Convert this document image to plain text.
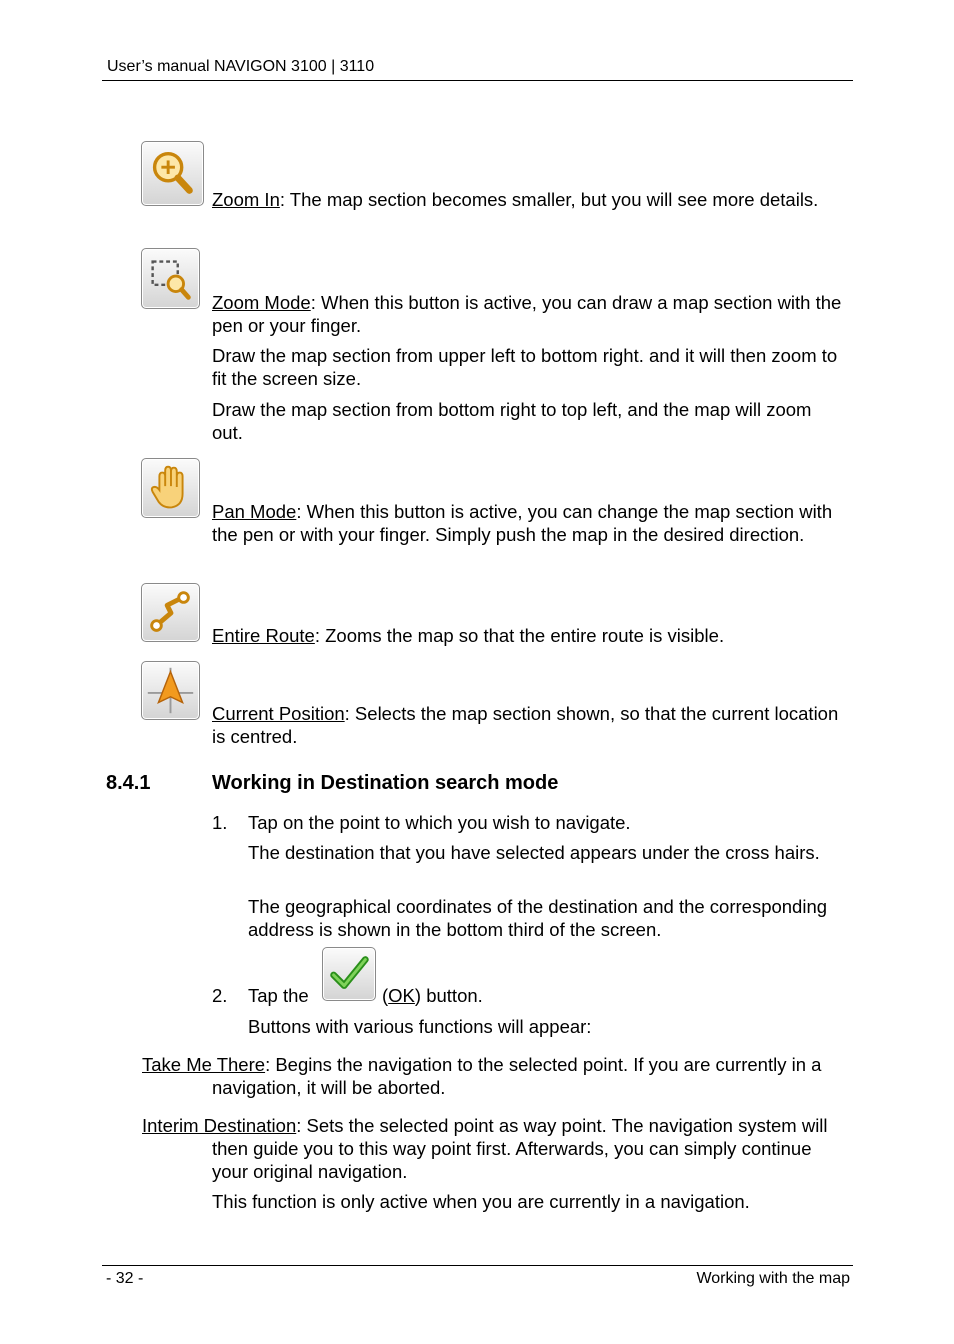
User’s manual NAVIGON 3100 | 3110
Zoom In: The map section becomes smaller, but you will see more details.
Zoom Mode: When this button is active, you can draw a map section with the pen or your finger.
Draw the map section from upper left to bottom right. and it will then zoom to fit the screen size.
Draw the map section from bottom right to top left, and the map will zoom out.
Pan Mode: When this button is active, you can change the map section with the pen or with your finger. Simply push the map in the desired direction.
Entire Route: Zooms the map so that the entire route is visible.
Current Position: Selects the map section shown, so that the current location is centred.
8.4.1	Working in Destination search mode
1. Tap on the point to which you wish to navigate.
The destination that you have selected appears under the cross hairs.
The geographical coordinates of the destination and the corresponding address is shown in the bottom third of the screen.
2. Tap the	(OK) button.
Buttons with various functions will appear:
Take Me There: Begins the navigation to the selected point. If you are currently in a navigation, it will be aborted.
Interim Destination: Sets the selected point as way point. The navigation system will then guide you to this way point first. Afterwards, you can simply continue your original navigation.
This function is only active when you are currently in a navigation.
- 32 -	Working with the map
